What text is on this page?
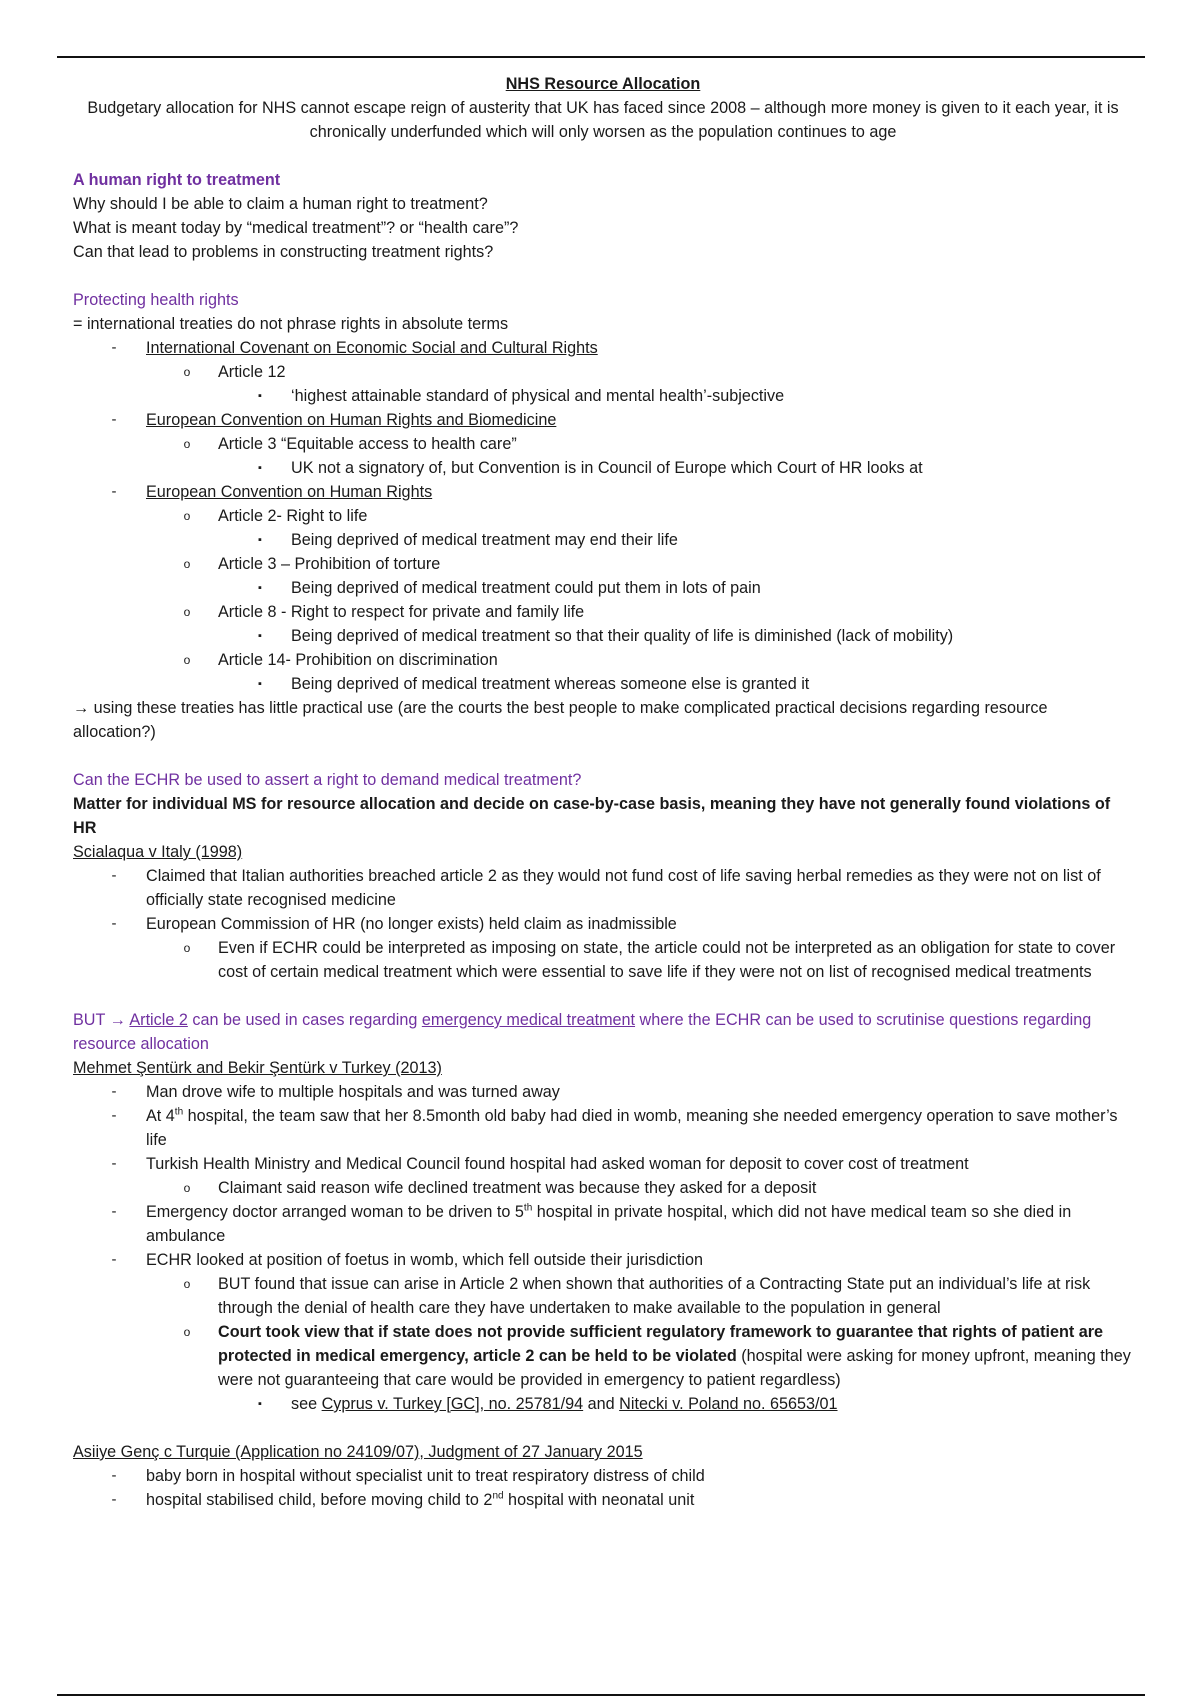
NHS Resource Allocation
Budgetary allocation for NHS cannot escape reign of austerity that UK has faced since 2008 – although more money is given to it each year, it is chronically underfunded which will only worsen as the population continues to age
A human right to treatment
Why should I be able to claim a human right to treatment?
What is meant today by “medical treatment”? or “health care”?
Can that lead to problems in constructing treatment rights?
Protecting health rights
= international treaties do not phrase rights in absolute terms
- International Covenant on Economic Social and Cultural Rights
o Article 12
▪	‘highest attainable standard of physical and mental health’-subjective
- European Convention on Human Rights and Biomedicine
o Article 3 “Equitable access to health care”
▪	UK not a signatory of, but Convention is in Council of Europe which Court of HR looks at
- European Convention on Human Rights
o Article 2- Right to life
▪	Being deprived of medical treatment may end their life
o Article 3 – Prohibition of torture
▪	Being deprived of medical treatment could put them in lots of pain
o Article 8 - Right to respect for private and family life
▪	Being deprived of medical treatment so that their quality of life is diminished (lack of mobility)
o Article 14- Prohibition on discrimination
▪	Being deprived of medical treatment whereas someone else is granted it
→ using these treaties has little practical use (are the courts the best people to make complicated practical decisions regarding resource allocation?)
Can the ECHR be used to assert a right to demand medical treatment?
Matter for individual MS for resource allocation and decide on case-by-case basis, meaning they have not generally found violations of HR
Scialaqua v Italy (1998)
- Claimed that Italian authorities breached article 2 as they would not fund cost of life saving herbal remedies as they were not on list of officially state recognised medicine
- European Commission of HR (no longer exists) held claim as inadmissible
o Even if ECHR could be interpreted as imposing on state, the article could not be interpreted as an obligation for state to cover cost of certain medical treatment which were essential to save life if they were not on list of recognised medical treatments
BUT → Article 2 can be used in cases regarding emergency medical treatment where the ECHR can be used to scrutinise questions regarding resource allocation
Mehmet Şentürk and Bekir Şentürk v Turkey (2013)
- Man drove wife to multiple hospitals and was turned away
- At 4th hospital, the team saw that her 8.5month old baby had died in womb, meaning she needed emergency operation to save mother’s life
- Turkish Health Ministry and Medical Council found hospital had asked woman for deposit to cover cost of treatment
o Claimant said reason wife declined treatment was because they asked for a deposit
- Emergency doctor arranged woman to be driven to 5th hospital in private hospital, which did not have medical team so she died in ambulance
- ECHR looked at position of foetus in womb, which fell outside their jurisdiction
o BUT found that issue can arise in Article 2 when shown that authorities of a Contracting State put an individual’s life at risk through the denial of health care they have undertaken to make available to the population in general
o Court took view that if state does not provide sufficient regulatory framework to guarantee that rights of patient are protected in medical emergency, article 2 can be held to be violated (hospital were asking for money upfront, meaning they were not guaranteeing that care would be provided in emergency to patient regardless)
▪	see Cyprus v. Turkey [GC], no. 25781/94 and Nitecki v. Poland no. 65653/01
Asiiye Genç c Turquie (Application no 24109/07), Judgment of 27 January 2015
- baby born in hospital without specialist unit to treat respiratory distress of child
- hospital stabilised child, before moving child to 2nd hospital with neonatal unit
